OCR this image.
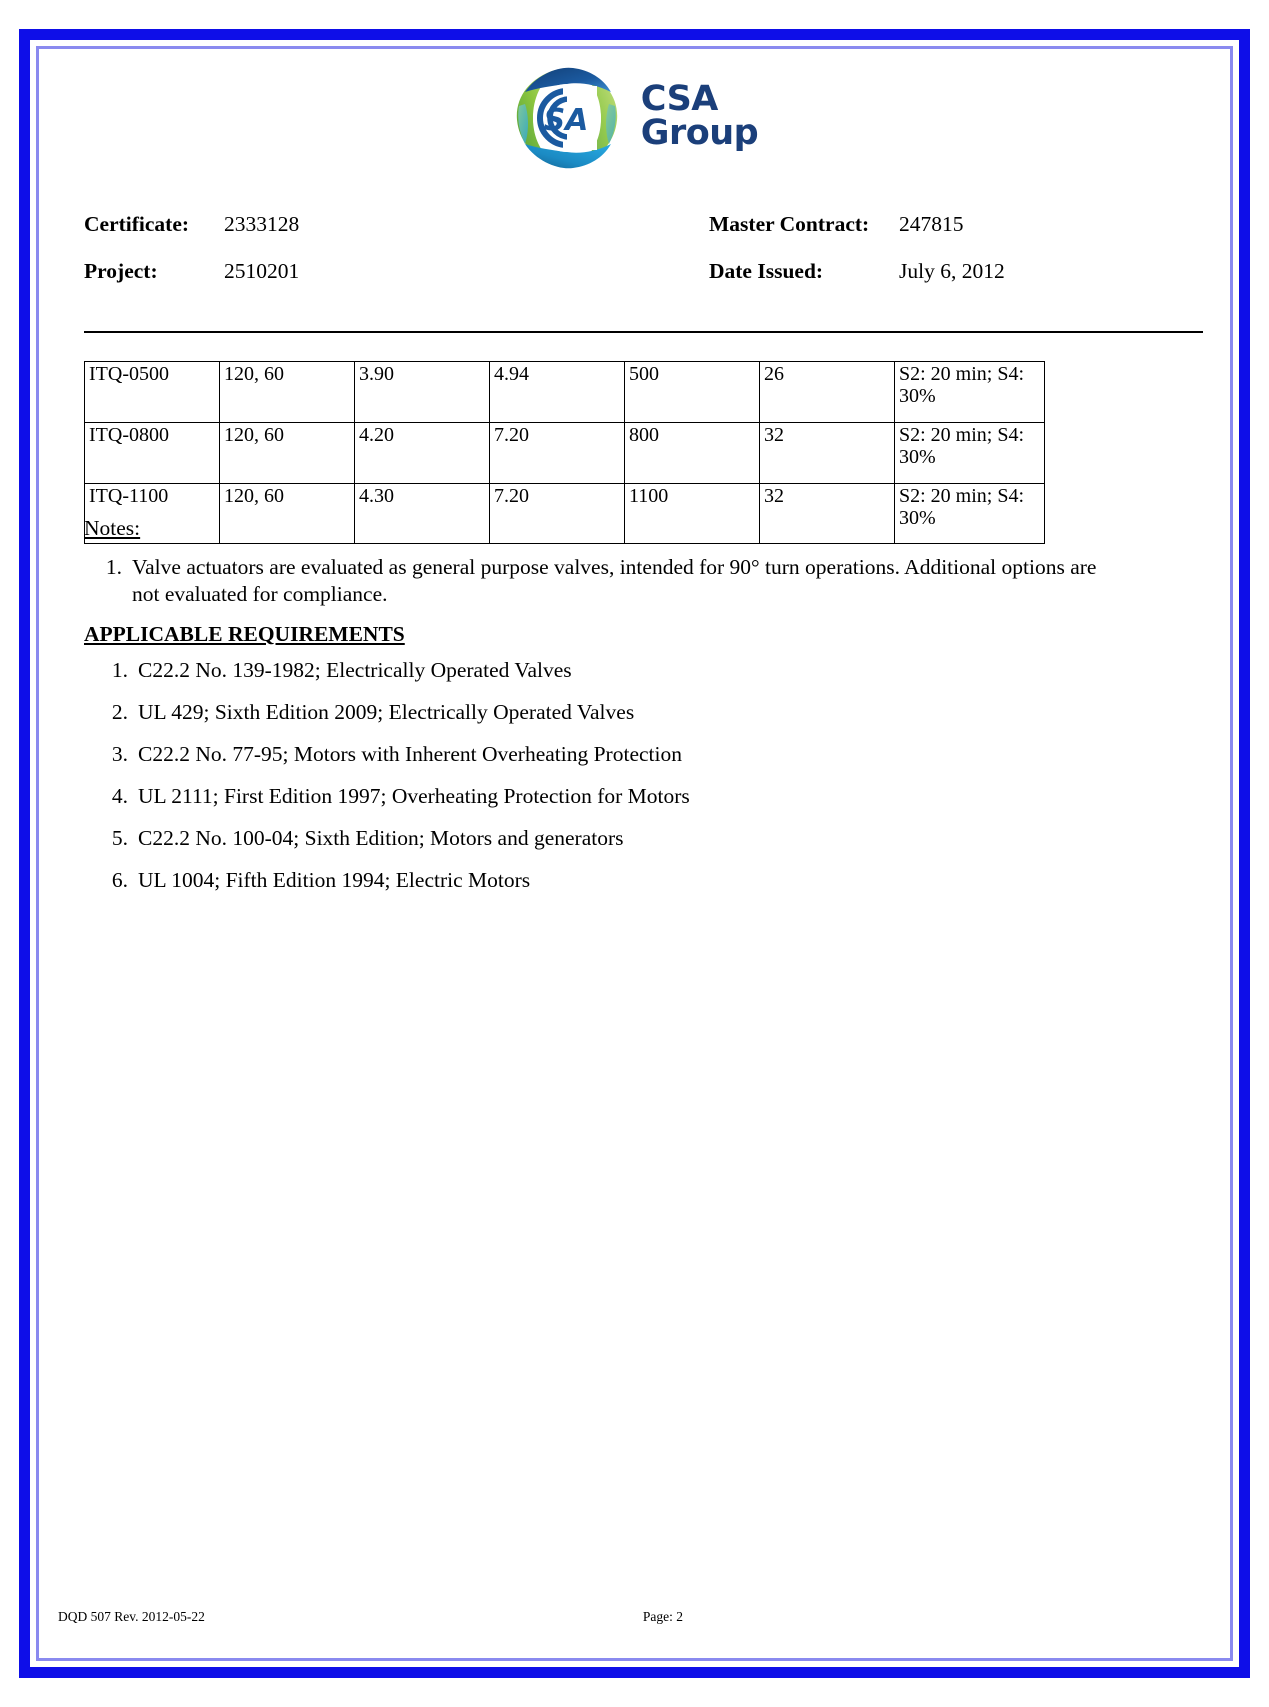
SA
CSA
Group
Certificate:	2333128	Master Contract:	247815
Project:	2510201	Date Issued:	July 6, 2012
ITQ-0500	120, 60	3.90	4.94	500	26	S2: 20 min; S4: 30%
ITQ-0800	120, 60	4.20	7.20	800	32	S2: 20 min; S4: 30%
ITQ-1100	120, 60	4.30	7.20	1100	32	S2: 20 min; S4: 30%
Notes:
1. Valve actuators are evaluated as general purpose valves, intended for 90° turn operations. Additional options are not evaluated for compliance.
APPLICABLE REQUIREMENTS
1. C22.2 No. 139-1982; Electrically Operated Valves
2. UL 429; Sixth Edition 2009; Electrically Operated Valves
3. C22.2 No. 77-95; Motors with Inherent Overheating Protection
4. UL 2111; First Edition 1997; Overheating Protection for Motors
5. C22.2 No. 100-04; Sixth Edition; Motors and generators
6. UL 1004; Fifth Edition 1994; Electric Motors
DQD 507 Rev. 2012-05-22	Page: 2
